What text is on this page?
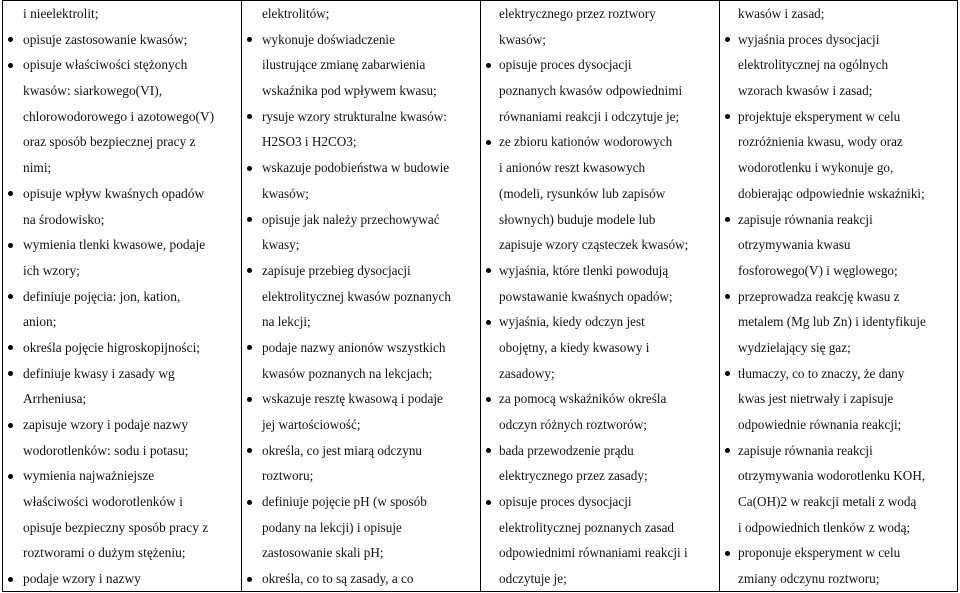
i nieelektrolit;
opisuje zastosowanie kwasów;
opisuje właściwości stężonych
kwasów: siarkowego(VI),
chlorowodorowego i azotowego(V)
oraz sposób bezpiecznej pracy z
nimi;
opisuje wpływ kwaśnych opadów
na środowisko;
wymienia tlenki kwasowe, podaje
ich wzory;
definiuje pojęcia: jon, kation,
anion;
określa pojęcie higroskopijności;
definiuje kwasy i zasady wg
Arrheniusa;
zapisuje wzory i podaje nazwy
wodorotlenków: sodu i potasu;
wymienia najważniejsze
właściwości wodorotlenków i
opisuje bezpieczny sposób pracy z
roztworami o dużym stężeniu;
podaje wzory i nazwy
elektrolitów;
wykonuje doświadczenie
ilustrujące zmianę zabarwienia
wskaźnika pod wpływem kwasu;
rysuje wzory strukturalne kwasów:
H2SO3 i H2CO3;
wskazuje podobieństwa w budowie
kwasów;
opisuje jak należy przechowywać
kwasy;
zapisuje przebieg dysocjacji
elektrolitycznej kwasów poznanych
na lekcji;
podaje nazwy anionów wszystkich
kwasów poznanych na lekcjach;
wskazuje resztę kwasową i podaje
jej wartościowość;
określa, co jest miarą odczynu
roztworu;
definiuje pojęcie pH (w sposób
podany na lekcji) i opisuje
zastosowanie skali pH;
określa, co to są zasady, a co
elektrycznego przez roztwory
kwasów;
opisuje proces dysocjacji
poznanych kwasów odpowiednimi
równaniami reakcji i odczytuje je;
ze zbioru kationów wodorowych
i anionów reszt kwasowych
(modeli, rysunków lub zapisów
słownych) buduje modele lub
zapisuje wzory cząsteczek kwasów;
wyjaśnia, które tlenki powodują
powstawanie kwaśnych opadów;
wyjaśnia, kiedy odczyn jest
obojętny, a kiedy kwasowy i
zasadowy;
za pomocą wskaźników określa
odczyn różnych roztworów;
bada przewodzenie prądu
elektrycznego przez zasady;
opisuje proces dysocjacji
elektrolitycznej poznanych zasad
odpowiednimi równaniami reakcji i
odczytuje je;
kwasów i zasad;
wyjaśnia proces dysocjacji
elektrolitycznej na ogólnych
wzorach kwasów i zasad;
projektuje eksperyment w celu
rozróżnienia kwasu, wody oraz
wodorotlenku i wykonuje go,
dobierając odpowiednie wskaźniki;
zapisuje równania reakcji
otrzymywania kwasu
fosforowego(V) i węglowego;
przeprowadza reakcję kwasu z
metalem (Mg lub Zn) i identyfikuje
wydzielający się gaz;
tłumaczy, co to znaczy, że dany
kwas jest nietrwały i zapisuje
odpowiednie równania reakcji;
zapisuje równania reakcji
otrzymywania wodorotlenku KOH,
Ca(OH)2 w reakcji metali z wodą
i odpowiednich tlenków z wodą;
proponuje eksperyment w celu
zmiany odczynu roztworu;
